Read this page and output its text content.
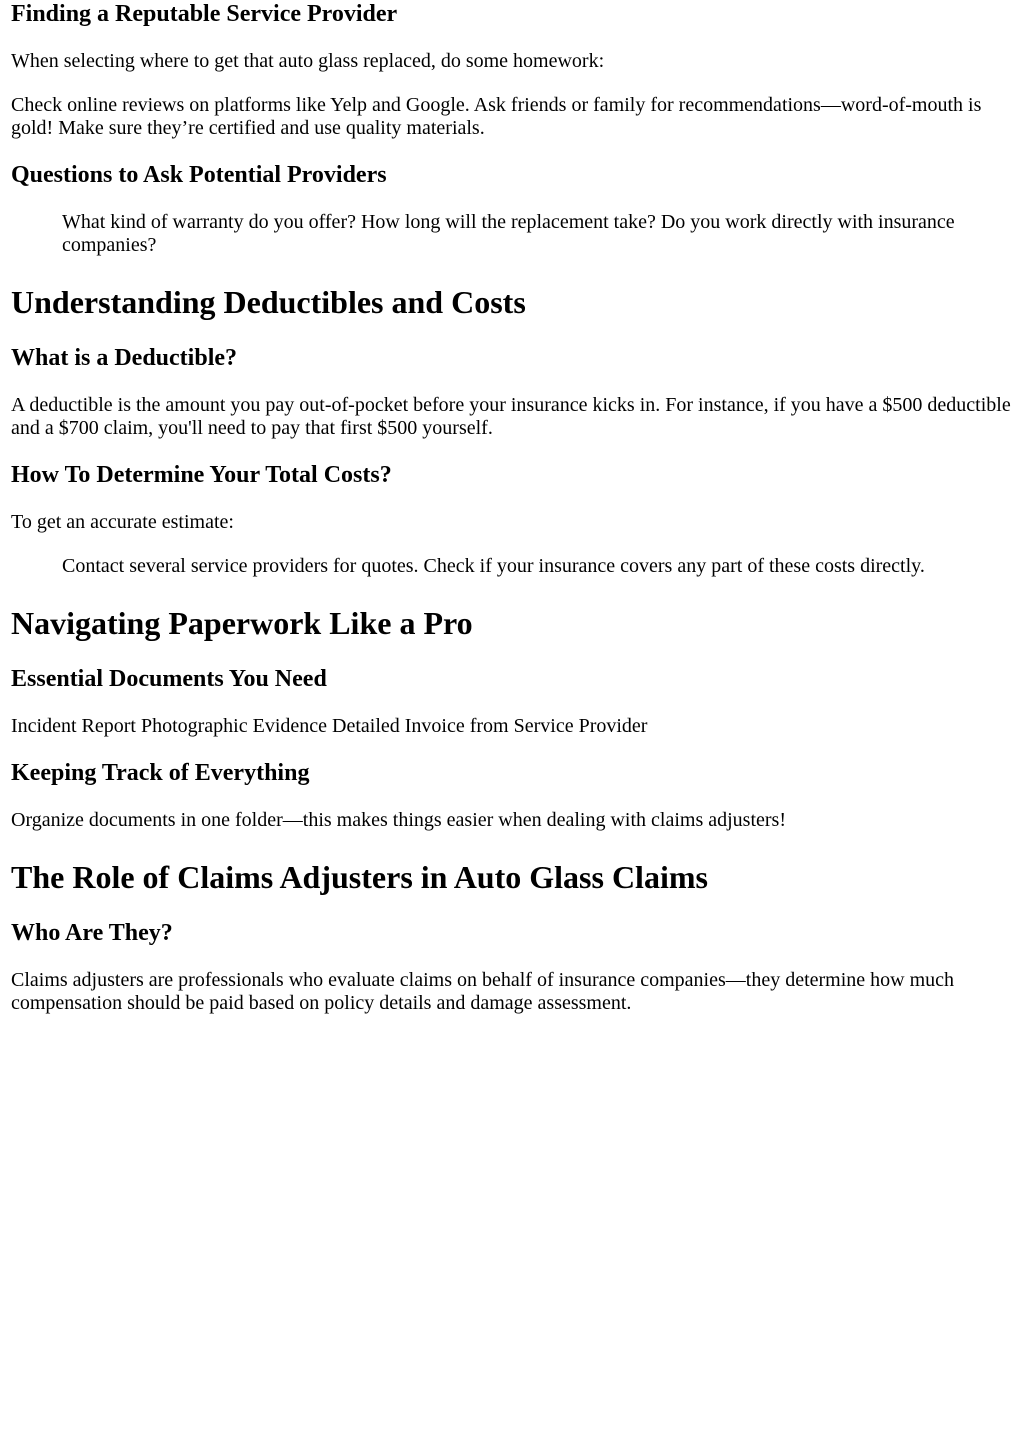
Finding a Reputable Service Provider

When selecting where to get that auto glass replaced, do some homework:

Check online reviews on platforms like Yelp and Google. Ask friends or family for recommendations—word-of-mouth is gold! Make sure they’re certified and use quality materials.

Questions to Ask Potential Providers
What kind of warranty do you offer? How long will the replacement take? Do you work directly with insurance companies?
Understanding Deductibles and Costs
What is a Deductible?

A deductible is the amount you pay out-of-pocket before your insurance kicks in. For instance, if you have a $500 deductible and a $700 claim, you'll need to pay that first $500 yourself.

How To Determine Your Total Costs?

To get an accurate estimate:

Contact several service providers for quotes. Check if your insurance covers any part of these costs directly.
Navigating Paperwork Like a Pro
Essential Documents You Need

Incident Report Photographic Evidence Detailed Invoice from Service Provider

Keeping Track of Everything

Organize documents in one folder—this makes things easier when dealing with claims adjusters!

The Role of Claims Adjusters in Auto Glass Claims
Who Are They?

Claims adjusters are professionals who evaluate claims on behalf of insurance companies—they determine how much compensation should be paid based on policy details and damage assessment.
